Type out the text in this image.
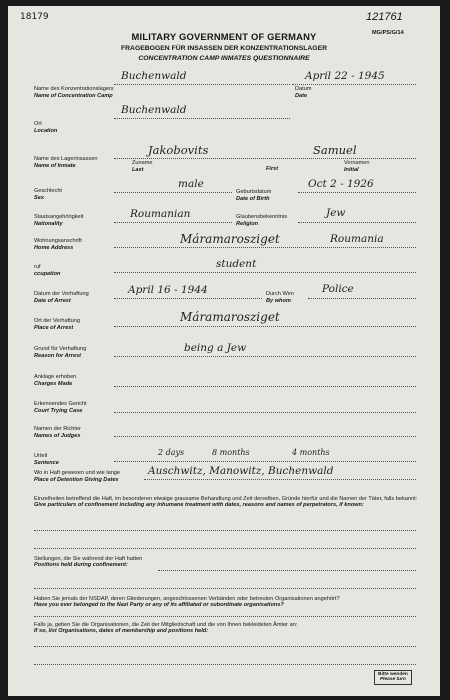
18179	121761
MG/PS/G/14
MILITARY GOVERNMENT OF GERMANY
FRAGEBOGEN FÜR INSASSEN DER KONZENTRATIONSLAGER
CONCENTRATION CAMP INMATES QUESTIONNAIRE
Buchenwald	April 22 - 1945
Name des Konzentrationslagers
Name of Concentration Camp
Datum
Date
Buchenwald
Ort
Location
Jakobovits	Samuel
Name des Lagerinsassen
Name of Inmate	Zuname
Last	First
Vornamen
Initial
male	Oct 2 - 1926
Geschlecht
Sex
Geburtsdatum
Date of Birth
Roumanian	Jew
Staatsangehörigkeit
Nationality
Glaubensbekenntnis
Religion
Máramarosziget	Roumania
Wohnungsanschrift
Home Address
student
ruf
ccupation
April 16 - 1944	Police
Datum der Verhaftung
Date of Arrest
Durch Wen
By whom
Máramarosziget
Ort der Verhaftung
Place of Arrest
being a Jew
Grund für Verhaftung
Reason for Arrest
Anklage erhoben
Charges Made
Erkennendes Gericht
Court Trying Case
Namen der Richter
Names of Judges
2 days	8 months	4 months
Urteil
Sentence
Auschwitz, Manowitz, Buchenwald
Wo in Haft gewesen und wie lange
Place of Detention Giving Dates
Einzelheiten betreffend die Haft, im besonderen etwaige grausame Behandlung und Zeit derselben, Gründe hierfür und die Namen der Täter, falls bekannt:
Give particulars of confinement including any inhumane treatment with dates, reasons and names of perpetrators, if known:
Stellungen, die Sie während der Haft hatten
Positions held during confinement:
Haben Sie jemals der NSDAP, deren Gliederungen, angeschlossenen Verbänden oder betreuten Organisationen angehört?
Have you ever belonged to the Nazi Party or any of its affiliated or subordinate organisations?
Falls ja, geben Sie die Organisationen, die Zeit der Mitgliedschaft und die von Ihnen bekleideten Ämter an:
If so, list Organisations, dates of membership and positions held:
Bitte wenden
Please turn
